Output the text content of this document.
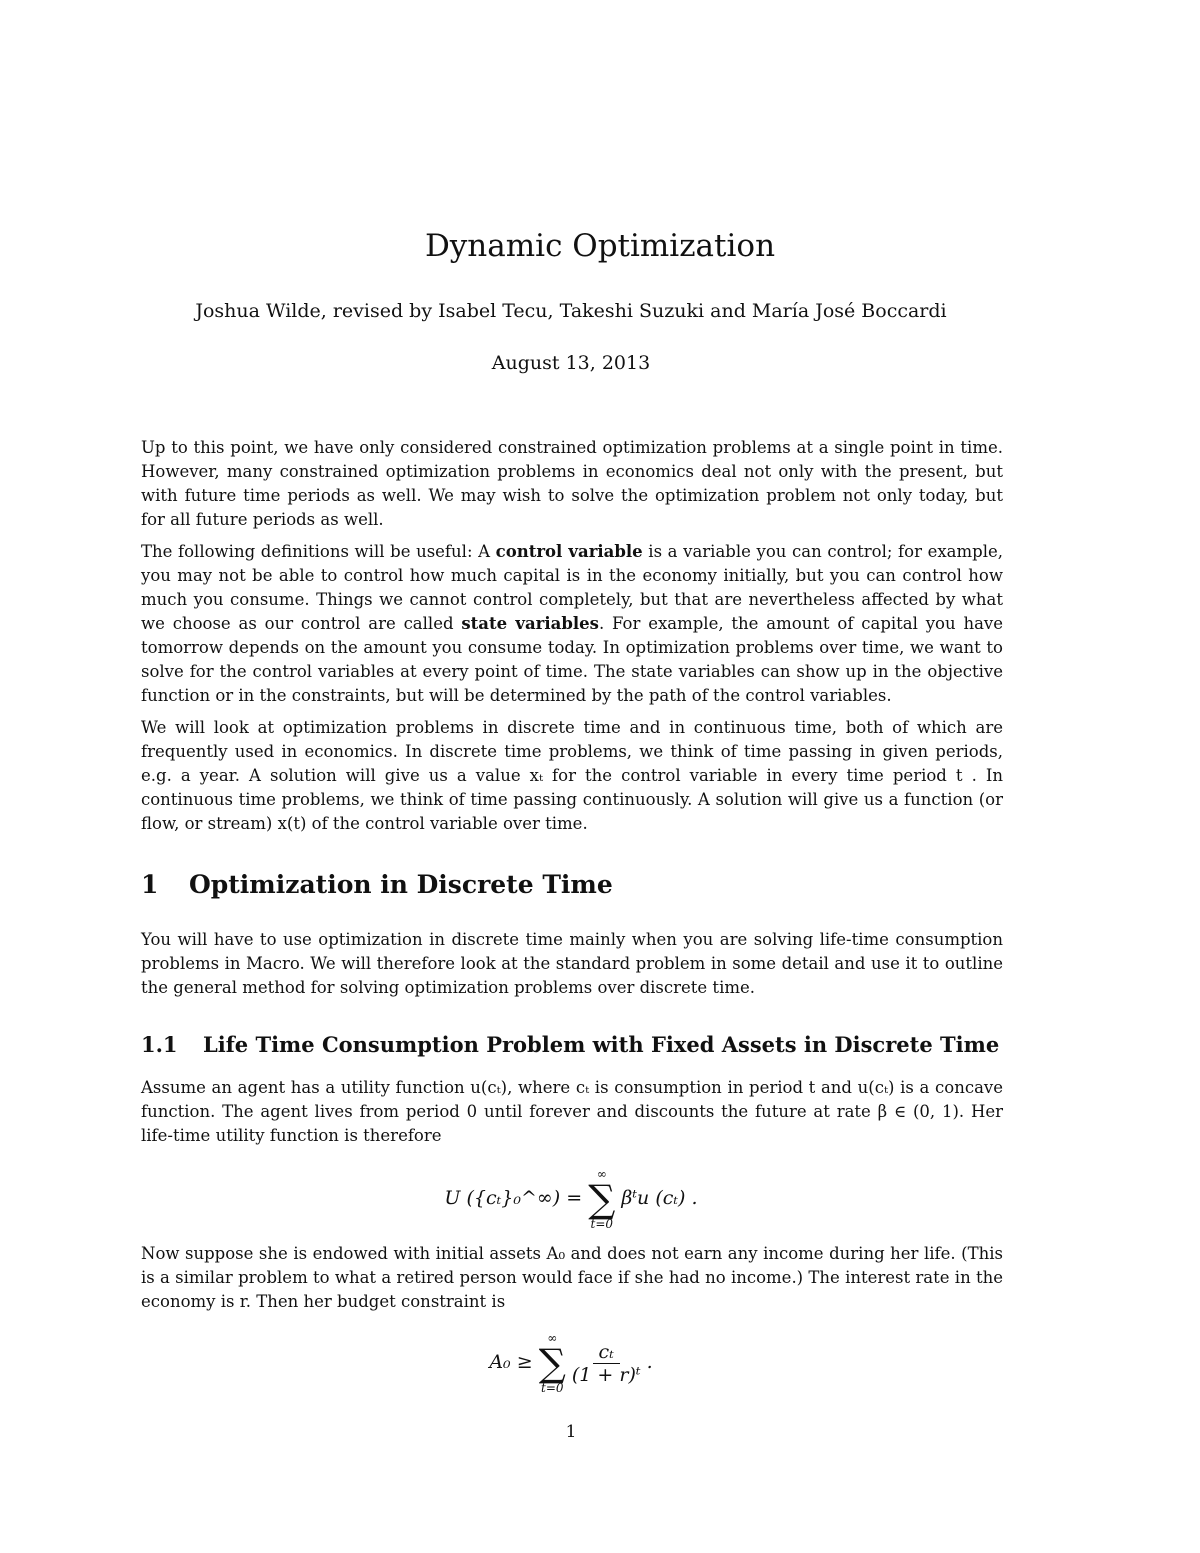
Dynamic Optimization
Joshua Wilde, revised by Isabel Tecu, Takeshi Suzuki and María José Boccardi
August 13, 2013

Up to this point, we have only considered constrained optimization problems at a single point in time. However, many constrained optimization problems in economics deal not only with the present, but with future time periods as well. We may wish to solve the optimization problem not only today, but for all future periods as well.

The following definitions will be useful: A control variable is a variable you can control; for example, you may not be able to control how much capital is in the economy initially, but you can control how much you consume. Things we cannot control completely, but that are nevertheless affected by what we choose as our control are called state variables. For example, the amount of capital you have tomorrow depends on the amount you consume today. In optimization problems over time, we want to solve for the control variables at every point of time. The state variables can show up in the objective function or in the constraints, but will be determined by the path of the control variables.

We will look at optimization problems in discrete time and in continuous time, both of which are frequently used in economics. In discrete time problems, we think of time passing in given periods, e.g. a year. A solution will give us a value xₜ for the control variable in every time period t . In continuous time problems, we think of time passing continuously. A solution will give us a function (or flow, or stream) x(t) of the control variable over time.

1 Optimization in Discrete Time

You will have to use optimization in discrete time mainly when you are solving life-time consumption problems in Macro. We will therefore look at the standard problem in some detail and use it to outline the general method for solving optimization problems over discrete time.

1.1 Life Time Consumption Problem with Fixed Assets in Discrete Time

Assume an agent has a utility function u(cₜ), where cₜ is consumption in period t and u(cₜ) is a concave function. The agent lives from period 0 until forever and discounts the future at rate β ∈ (0, 1). Her life-time utility function is therefore

U ({cₜ}₀^∞) =
∞
∑
t=0
βᵗu (cₜ) .

Now suppose she is endowed with initial assets A₀ and does not earn any income during her life. (This is a similar problem to what a retired person would face if she had no income.) The interest rate in the economy is r. Then her budget constraint is

A₀ ≥
∞
∑
t=0

$\frac{\text{cₜ}}{\text{(1 + r)ᵗ}}$ .
1
